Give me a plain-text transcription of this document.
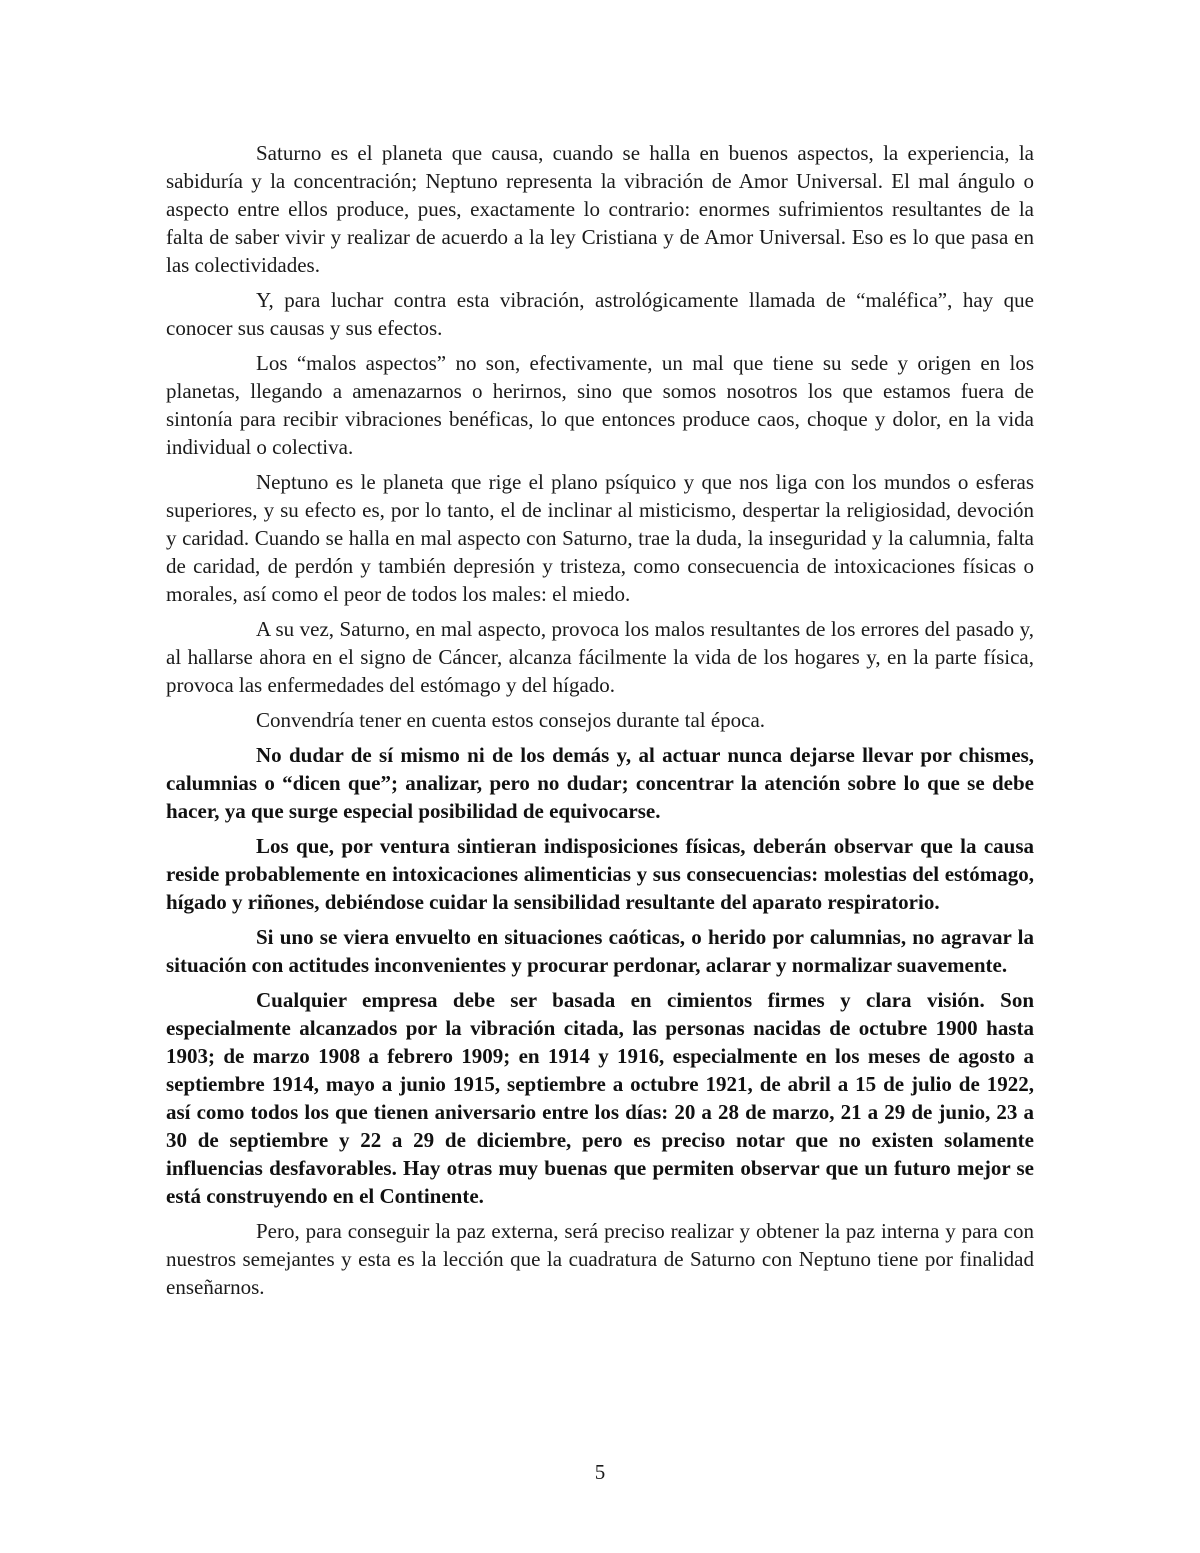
Saturno es el planeta que causa, cuando se halla en buenos aspectos, la experiencia, la sabiduría y la concentración; Neptuno representa la vibración de Amor Universal. El mal ángulo o aspecto entre ellos produce, pues, exactamente lo contrario: enormes sufrimientos resultantes de la falta de saber vivir y realizar de acuerdo a la ley Cristiana y de Amor Universal. Eso es lo que pasa en las colectividades.

Y, para luchar contra esta vibración, astrológicamente llamada de “maléfica”, hay que conocer sus causas y sus efectos.

Los “malos aspectos” no son, efectivamente, un mal que tiene su sede y origen en los planetas, llegando a amenazarnos o herirnos, sino que somos nosotros los que estamos fuera de sintonía para recibir vibraciones benéficas, lo que entonces produce caos, choque y dolor, en la vida individual o colectiva.

Neptuno es le planeta que rige el plano psíquico y que nos liga con los mundos o esferas superiores, y su efecto es, por lo tanto, el de inclinar al misticismo, despertar la religiosidad, devoción y caridad. Cuando se halla en mal aspecto con Saturno, trae la duda, la inseguridad y la calumnia, falta de caridad, de perdón y también depresión y tristeza, como consecuencia de intoxicaciones físicas o morales, así como el peor de todos los males: el miedo.

A su vez, Saturno, en mal aspecto, provoca los malos resultantes de los errores del pasado y, al hallarse ahora en el signo de Cáncer, alcanza fácilmente la vida de los hogares y, en la parte física, provoca las enfermedades del estómago y del hígado.

Convendría tener en cuenta estos consejos durante tal época.

No dudar de sí mismo ni de los demás y, al actuar nunca dejarse llevar por chismes, calumnias o “dicen que”; analizar, pero no dudar; concentrar la atención sobre lo que se debe hacer, ya que surge especial posibilidad de equivocarse.

Los que, por ventura sintieran indisposiciones físicas, deberán observar que la causa reside probablemente en intoxicaciones alimenticias y sus consecuencias: molestias del estómago, hígado y riñones, debiéndose cuidar la sensibilidad resultante del aparato respiratorio.

Si uno se viera envuelto en situaciones caóticas, o herido por calumnias, no agravar la situación con actitudes inconvenientes y procurar perdonar, aclarar y normalizar suavemente.

Cualquier empresa debe ser basada en cimientos firmes y clara visión. Son especialmente alcanzados por la vibración citada, las personas nacidas de octubre 1900 hasta 1903; de marzo 1908 a febrero 1909; en 1914 y 1916, especialmente en los meses de agosto a septiembre 1914, mayo a junio 1915, septiembre a octubre 1921, de abril a 15 de julio de 1922, así como todos los que tienen aniversario entre los días: 20 a 28 de marzo, 21 a 29 de junio, 23 a 30 de septiembre y 22 a 29 de diciembre, pero es preciso notar que no existen solamente influencias desfavorables. Hay otras muy buenas que permiten observar que un futuro mejor se está construyendo en el Continente.

Pero, para conseguir la paz externa, será preciso realizar y obtener la paz interna y para con nuestros semejantes y esta es la lección que la cuadratura de Saturno con Neptuno tiene por finalidad enseñarnos.

5
